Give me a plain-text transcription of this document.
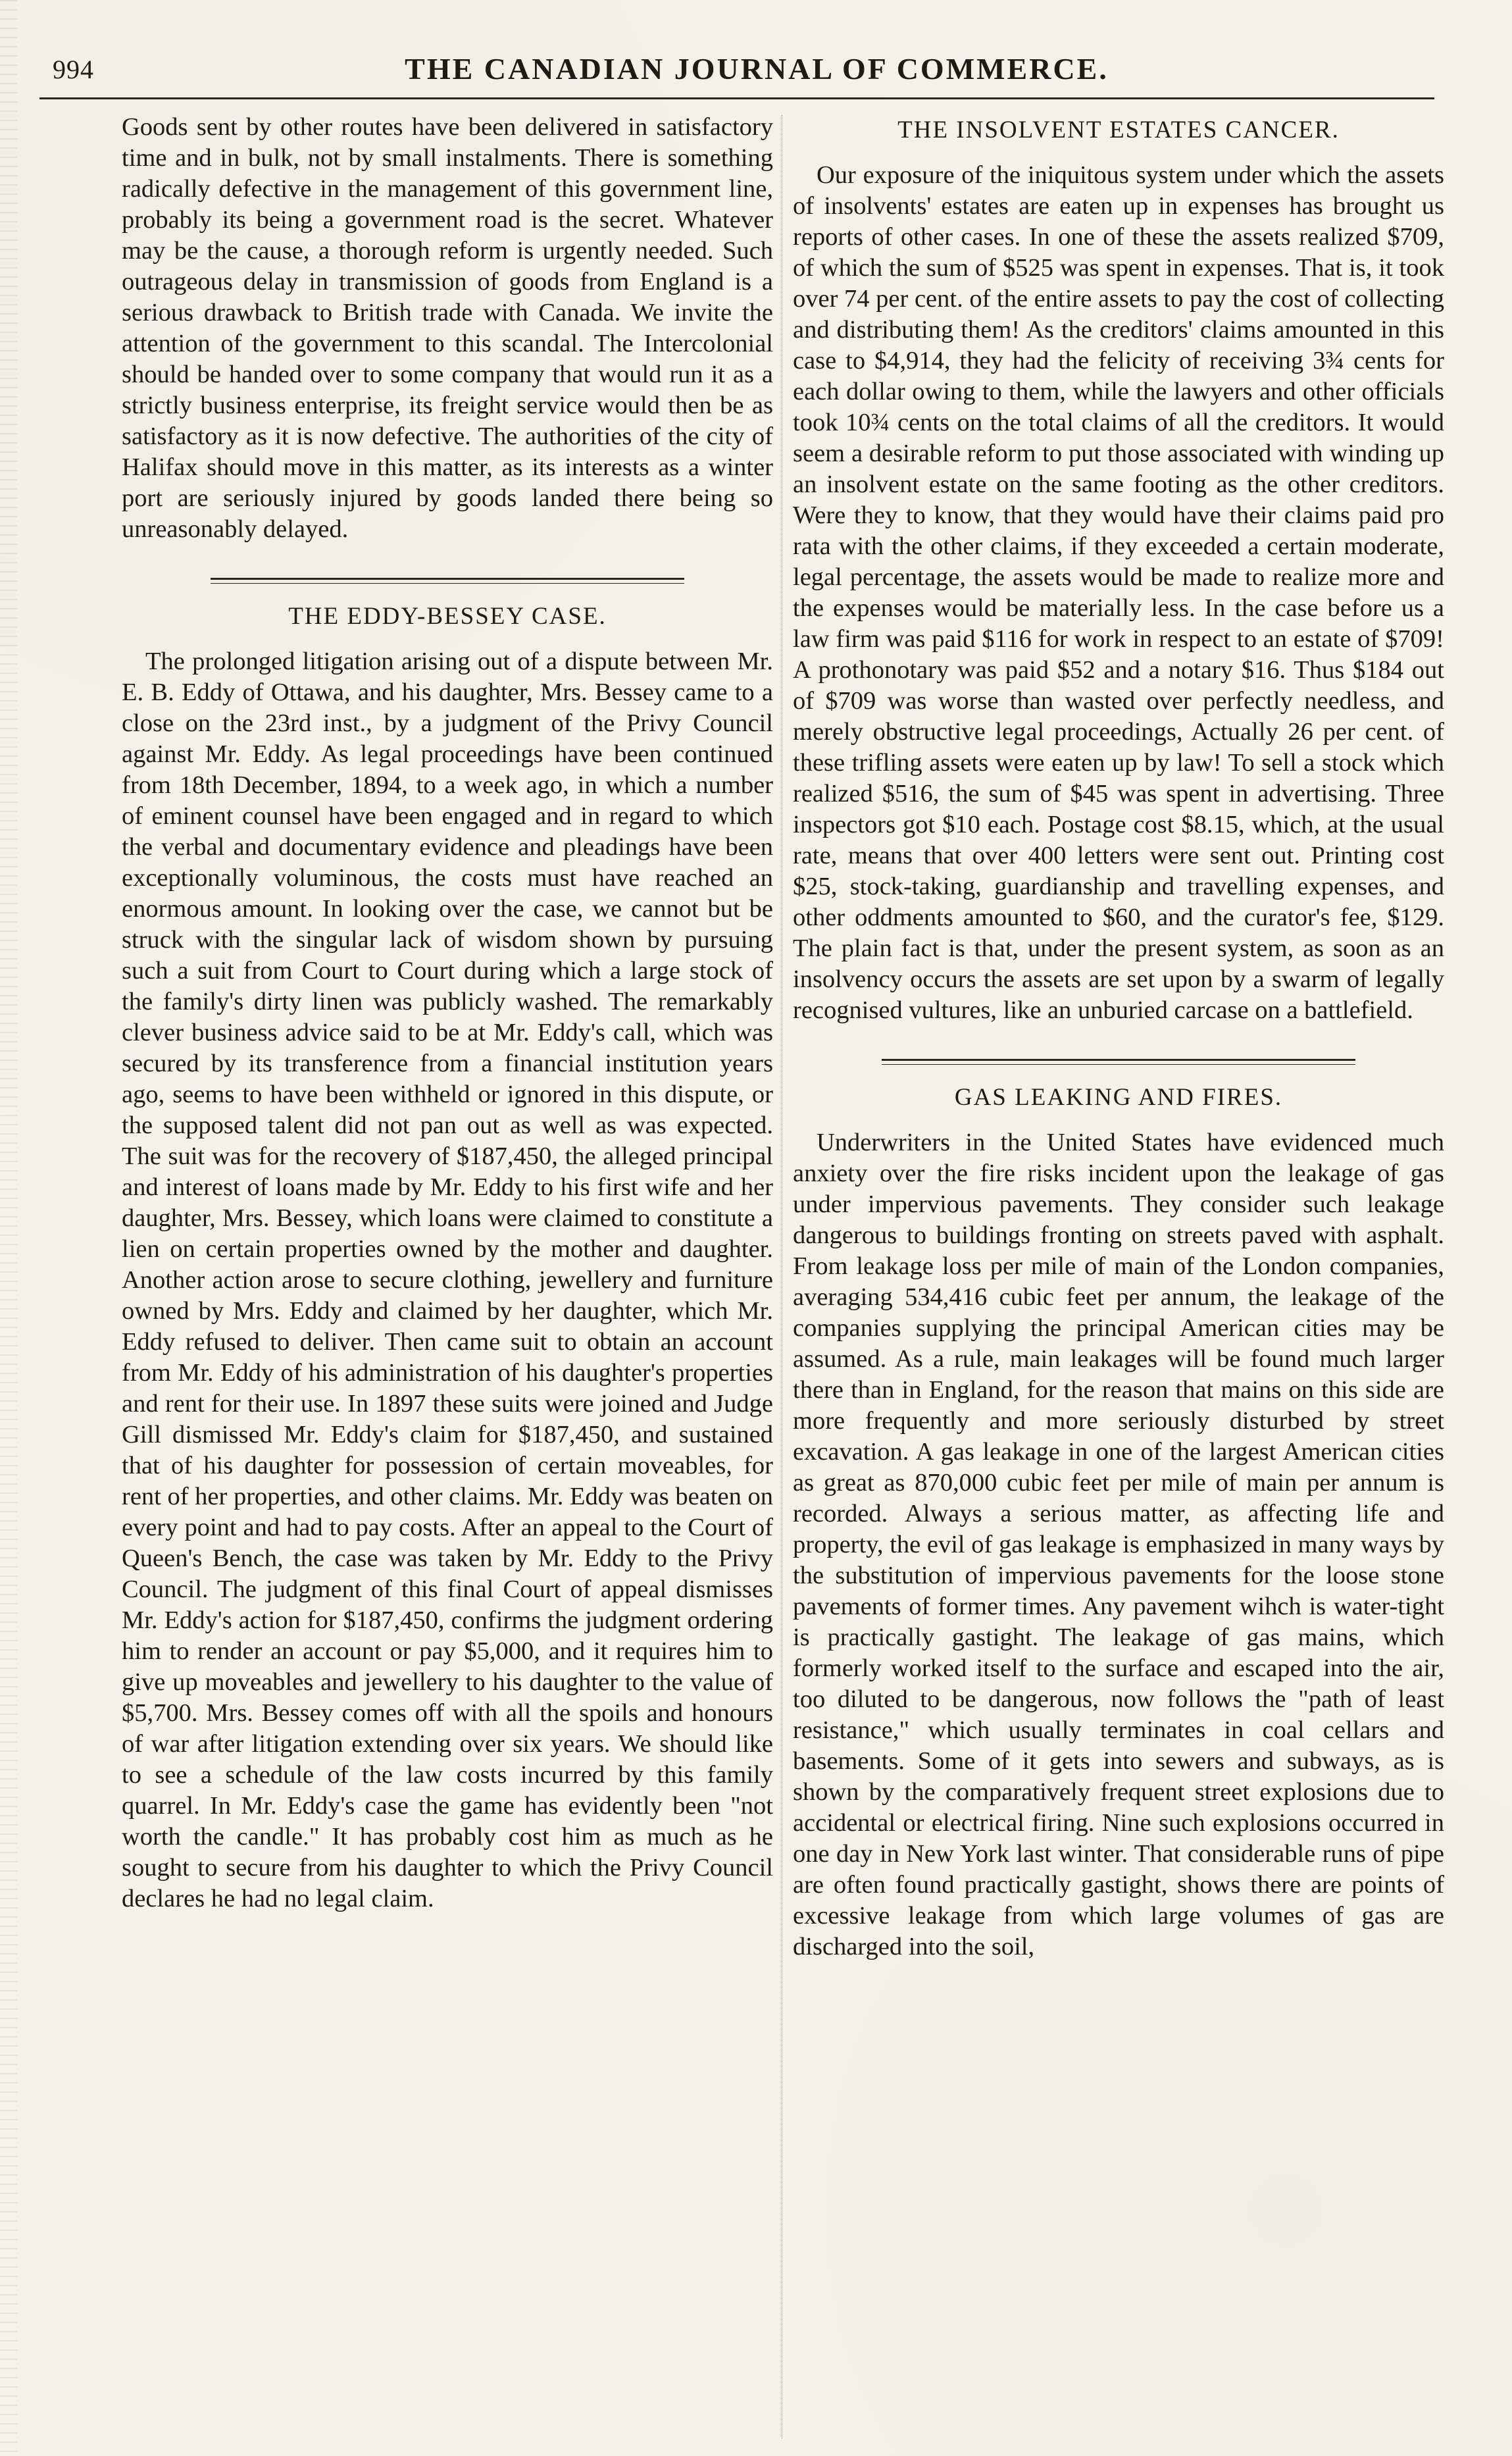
994	THE CANADIAN JOURNAL OF COMMERCE.

Goods sent by other routes have been delivered in satisfactory time and in bulk, not by small instalments. There is something radically defective in the management of this government line, probably its being a government road is the secret. Whatever may be the cause, a thorough reform is urgently needed. Such outrageous delay in transmission of goods from England is a serious drawback to British trade with Canada. We invite the attention of the government to this scandal. The Intercolonial should be handed over to some company that would run it as a strictly business enterprise, its freight service would then be as satisfactory as it is now defective. The authorities of the city of Halifax should move in this matter, as its interests as a winter port are seriously injured by goods landed there being so unreasonably delayed.

THE EDDY-BESSEY CASE.

The prolonged litigation arising out of a dispute between Mr. E. B. Eddy of Ottawa, and his daughter, Mrs. Bessey came to a close on the 23rd inst., by a judgment of the Privy Council against Mr. Eddy. As legal proceedings have been continued from 18th December, 1894, to a week ago, in which a number of eminent counsel have been engaged and in regard to which the verbal and documentary evidence and pleadings have been exceptionally voluminous, the costs must have reached an enormous amount. In looking over the case, we cannot but be struck with the singular lack of wisdom shown by pursuing such a suit from Court to Court during which a large stock of the family's dirty linen was publicly washed. The remarkably clever business advice said to be at Mr. Eddy's call, which was secured by its transference from a financial institution years ago, seems to have been withheld or ignored in this dispute, or the supposed talent did not pan out as well as was expected. The suit was for the recovery of $187,450, the alleged principal and interest of loans made by Mr. Eddy to his first wife and her daughter, Mrs. Bessey, which loans were claimed to constitute a lien on certain properties owned by the mother and daughter. Another action arose to secure clothing, jewellery and furniture owned by Mrs. Eddy and claimed by her daughter, which Mr. Eddy refused to deliver. Then came suit to obtain an account from Mr. Eddy of his administration of his daughter's properties and rent for their use. In 1897 these suits were joined and Judge Gill dismissed Mr. Eddy's claim for $187,450, and sustained that of his daughter for possession of certain moveables, for rent of her properties, and other claims. Mr. Eddy was beaten on every point and had to pay costs. After an appeal to the Court of Queen's Bench, the case was taken by Mr. Eddy to the Privy Council. The judgment of this final Court of appeal dismisses Mr. Eddy's action for $187,450, confirms the judgment ordering him to render an account or pay $5,000, and it requires him to give up moveables and jewellery to his daughter to the value of $5,700. Mrs. Bessey comes off with all the spoils and honours of war after litigation extending over six years. We should like to see a schedule of the law costs incurred by this family quarrel. In Mr. Eddy's case the game has evidently been "not worth the candle." It has probably cost him as much as he sought to secure from his daughter to which the Privy Council declares he had no legal claim.

THE INSOLVENT ESTATES CANCER.

Our exposure of the iniquitous system under which the assets of insolvents' estates are eaten up in expenses has brought us reports of other cases. In one of these the assets realized $709, of which the sum of $525 was spent in expenses. That is, it took over 74 per cent. of the entire assets to pay the cost of collecting and distributing them! As the creditors' claims amounted in this case to $4,914, they had the felicity of receiving 3¾ cents for each dollar owing to them, while the lawyers and other officials took 10¾ cents on the total claims of all the creditors. It would seem a desirable reform to put those associated with winding up an insolvent estate on the same footing as the other creditors. Were they to know, that they would have their claims paid pro rata with the other claims, if they exceeded a certain moderate, legal percentage, the assets would be made to realize more and the expenses would be materially less. In the case before us a law firm was paid $116 for work in respect to an estate of $709! A prothonotary was paid $52 and a notary $16. Thus $184 out of $709 was worse than wasted over perfectly needless, and merely obstructive legal proceedings, Actually 26 per cent. of these trifling assets were eaten up by law! To sell a stock which realized $516, the sum of $45 was spent in advertising. Three inspectors got $10 each. Postage cost $8.15, which, at the usual rate, means that over 400 letters were sent out. Printing cost $25, stock-taking, guardianship and travelling expenses, and other oddments amounted to $60, and the curator's fee, $129. The plain fact is that, under the present system, as soon as an insolvency occurs the assets are set upon by a swarm of legally recognised vultures, like an unburied carcase on a battlefield.

GAS LEAKING AND FIRES.

Underwriters in the United States have evidenced much anxiety over the fire risks incident upon the leakage of gas under impervious pavements. They consider such leakage dangerous to buildings fronting on streets paved with asphalt. From leakage loss per mile of main of the London companies, averaging 534,416 cubic feet per annum, the leakage of the companies supplying the principal American cities may be assumed. As a rule, main leakages will be found much larger there than in England, for the reason that mains on this side are more frequently and more seriously disturbed by street excavation. A gas leakage in one of the largest American cities as great as 870,000 cubic feet per mile of main per annum is recorded. Always a serious matter, as affecting life and property, the evil of gas leakage is emphasized in many ways by the substitution of impervious pavements for the loose stone pavements of former times. Any pavement wihch is water-tight is practically gastight. The leakage of gas mains, which formerly worked itself to the surface and escaped into the air, too diluted to be dangerous, now follows the "path of least resistance," which usually terminates in coal cellars and basements. Some of it gets into sewers and subways, as is shown by the comparatively frequent street explosions due to accidental or electrical firing. Nine such explosions occurred in one day in New York last winter. That considerable runs of pipe are often found practically gastight, shows there are points of excessive leakage from which large volumes of gas are discharged into the soil,
